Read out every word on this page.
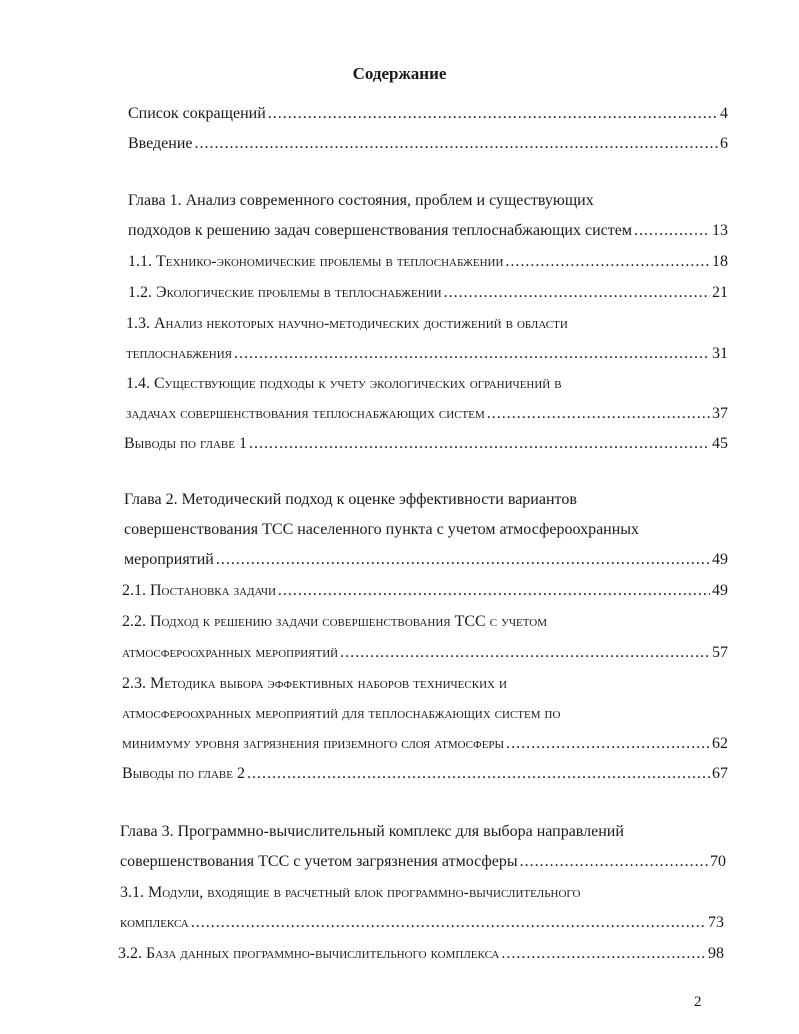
Содержание
Список сокращений .....	4
Введение .....	6
Глава 1. Анализ современного состояния, проблем и существующих
подходов к решению задач совершенствования теплоснабжающих систем .....	13
1.1. Технико-экономические проблемы в теплоснабжении .....	18
1.2. Экологические проблемы в теплоснабжении .....	21
1.3. Анализ некоторых научно-методических достижений в области
теплоснабжения .....	31
1.4. Существующие подходы к учету экологических ограничений в
задачах совершенствования теплоснабжающих систем .....	37
Выводы по главе 1 .....	45
Глава 2. Методический подход к оценке эффективности вариантов
совершенствования ТСС населенного пункта с учетом атмосфероохранных
мероприятий .....	49
2.1. Постановка задачи .....	49
2.2. Подход к решению задачи совершенствования ТСС с учетом
атмосфероохранных мероприятий .....	57
2.3. Методика выбора эффективных наборов технических и
атмосфероохранных мероприятий для теплоснабжающих систем по
минимуму уровня загрязнения приземного слоя атмосферы .....	62
Выводы по главе 2 .....	67
Глава 3. Программно-вычислительный комплекс для выбора направлений
совершенствования ТСС с учетом загрязнения атмосферы .....	70
3.1. Модули, входящие в расчетный блок программно-вычислительного
комплекса .....	73
3.2. База данных программно-вычислительного комплекса .....	98
2
